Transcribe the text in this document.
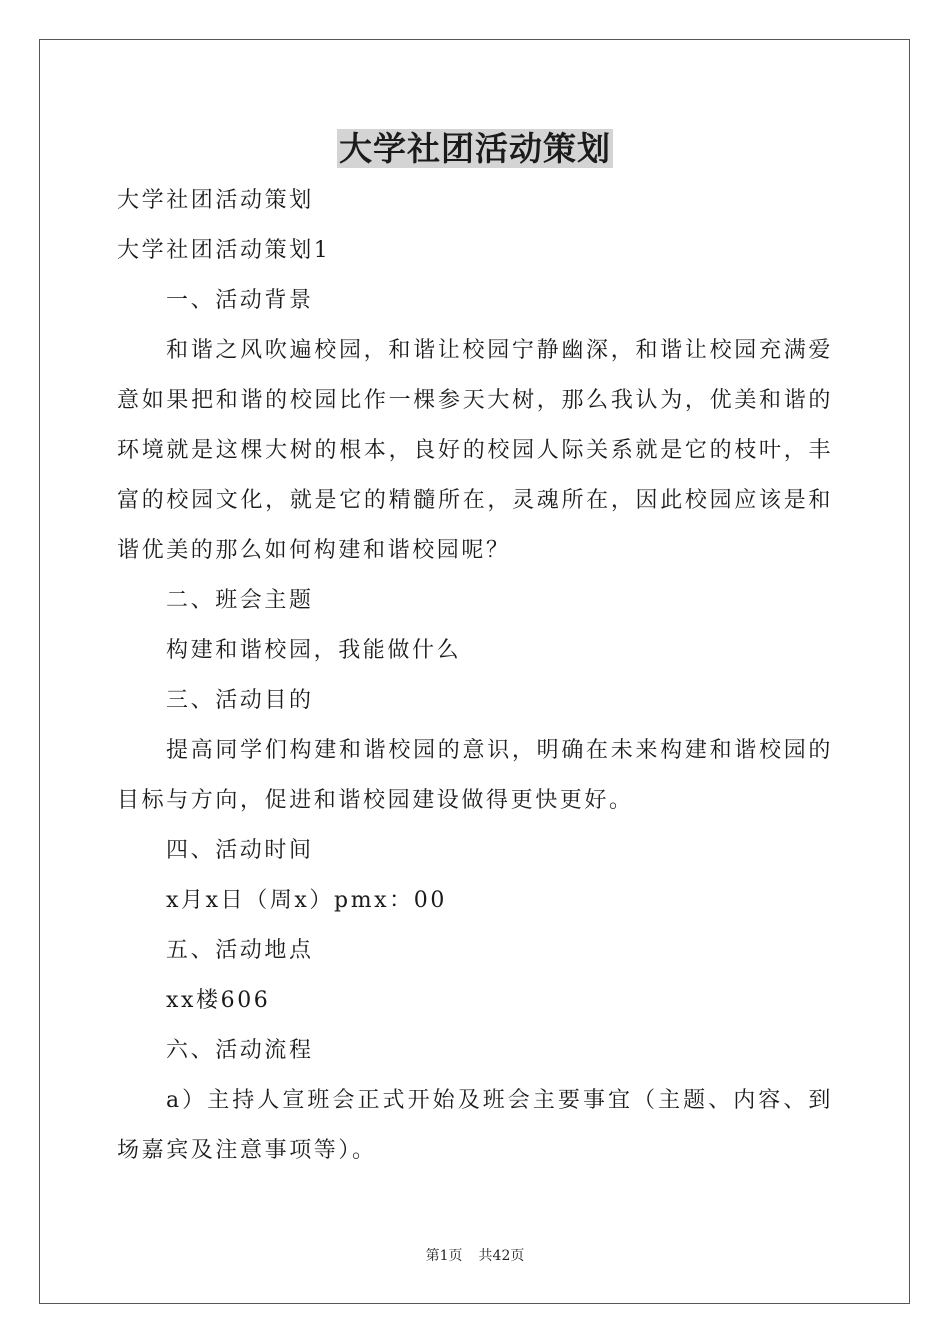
大学社团活动策划

大学社团活动策划

大学社团活动策划1

一、活动背景

和谐之风吹遍校园，和谐让校园宁静幽深，和谐让校园充满爱意如果把和谐的校园比作一棵参天大树，那么我认为，优美和谐的环境就是这棵大树的根本，良好的校园人际关系就是它的枝叶，丰富的校园文化，就是它的精髓所在，灵魂所在，因此校园应该是和谐优美的那么如何构建和谐校园呢？

二、班会主题

构建和谐校园，我能做什么

三、活动目的

提高同学们构建和谐校园的意识，明确在未来构建和谐校园的目标与方向，促进和谐校园建设做得更快更好。

四、活动时间

x月x日（周x）pmx：00

五、活动地点

xx楼606

六、活动流程

a）主持人宣班会正式开始及班会主要事宜（主题、内容、到场嘉宾及注意事项等）。

第1页 共42页
